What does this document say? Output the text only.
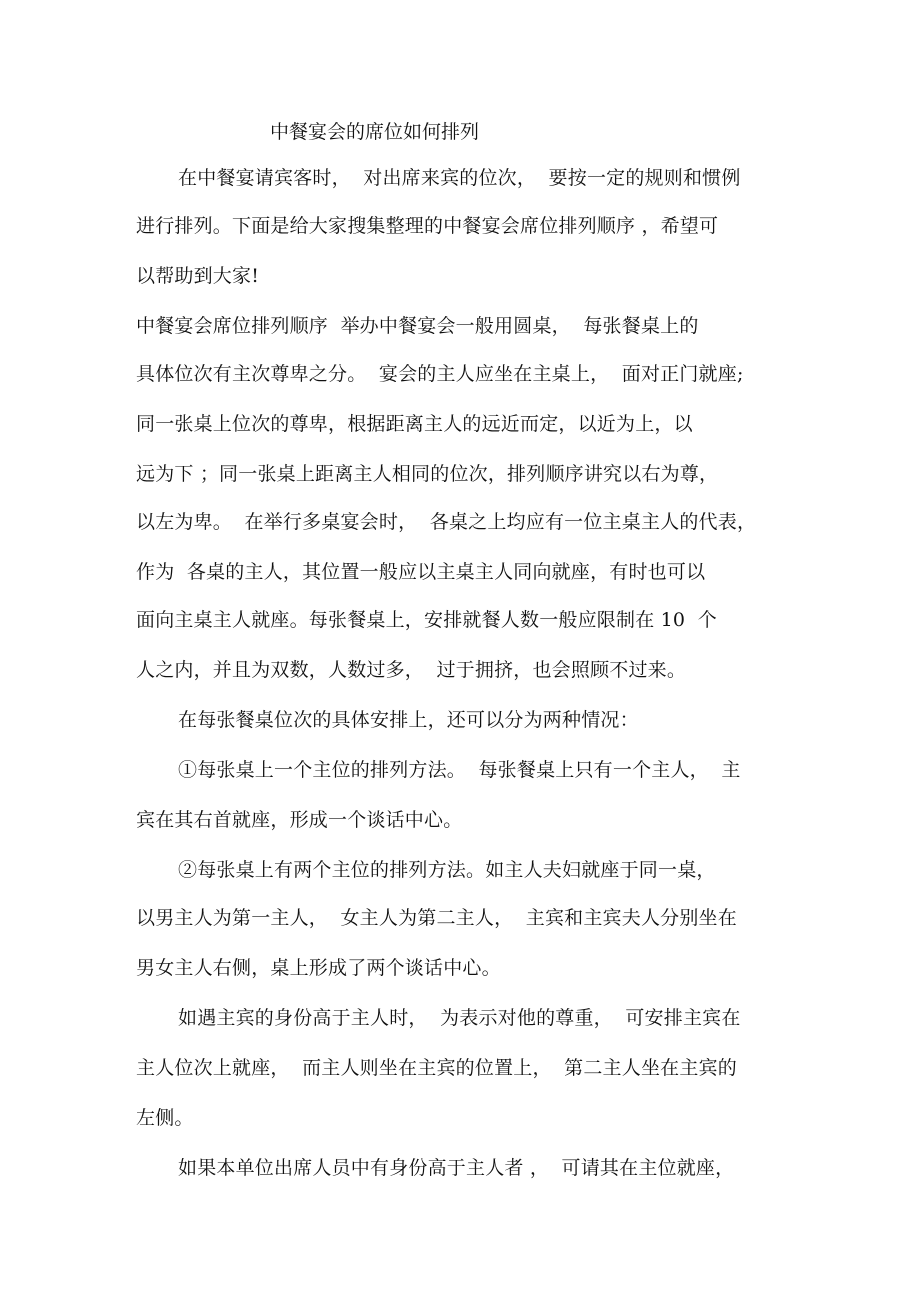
中餐宴会的席位如何排列
在中餐宴请宾客时，  对出席来宾的位次，  要按一定的规则和惯例
进行排列。下面是给大家搜集整理的中餐宴会席位排列顺序 ，希望可
以帮助到大家!
中餐宴会席位排列顺序  举办中餐宴会一般用圆桌，  每张餐桌上的
具体位次有主次尊卑之分。  宴会的主人应坐在主桌上，  面对正门就座;
同一张桌上位次的尊卑，根据距离主人的远近而定，以近为上，以
远为下 ；同一张桌上距离主人相同的位次，排列顺序讲究以右为尊，
以左为卑。  在举行多桌宴会时，  各桌之上均应有一位主桌主人的代表，
作为  各桌的主人，其位置一般应以主桌主人同向就座，有时也可以
面向主桌主人就座。每张餐桌上，安排就餐人数一般应限制在 10  个
人之内，并且为双数，人数过多，  过于拥挤，也会照顾不过来。
在每张餐桌位次的具体安排上，还可以分为两种情况：
①每张桌上一个主位的排列方法。  每张餐桌上只有一个主人，  主
宾在其右首就座，形成一个谈话中心。
②每张桌上有两个主位的排列方法。如主人夫妇就座于同一桌，
以男主人为第一主人，  女主人为第二主人，  主宾和主宾夫人分别坐在
男女主人右侧，桌上形成了两个谈话中心。
如遇主宾的身份高于主人时，  为表示对他的尊重，  可安排主宾在
主人位次上就座，  而主人则坐在主宾的位置上，  第二主人坐在主宾的
左侧。
如果本单位出席人员中有身份高于主人者 ，  可请其在主位就座，
